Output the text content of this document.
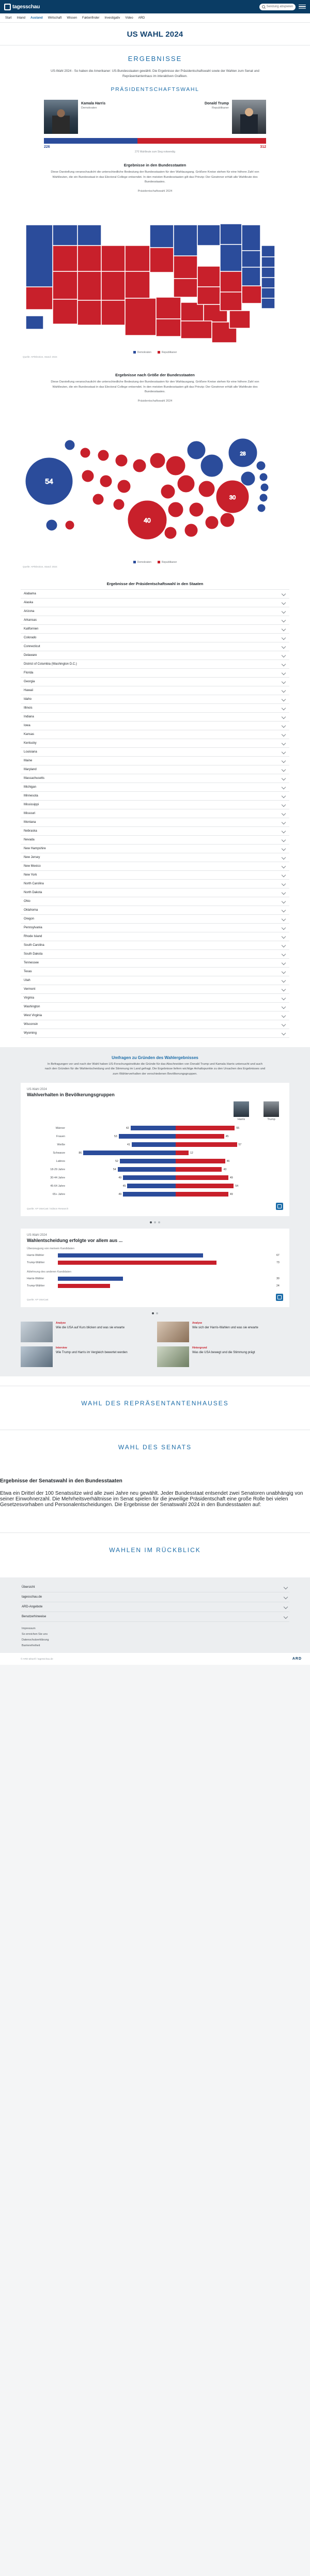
tagesschau	Sendung abspielen
Start Inland Ausland Wirtschaft Wissen Faktenfinder Investigativ Video ARD
US WAHL 2024
ERGEBNISSE

US-Wahl 2024 - So haben die Amerikaner: US-Bundesstaaten gewählt. Die Ergebnisse der Präsidentschaftswahl sowie der Wahlen zum Senat und Repräsentantenhaus im interaktiven Grafiken.

PRÄSIDENTSCHAFTSWAHL
Kamala Harris
Demokraten
Donald Trump
Republikaner
226	312
270 Wahlleute zum Sieg notwendig
Ergebnisse in den Bundesstaaten

Diese Darstellung veranschaulicht die unterschiedliche Bedeutung der Bundesstaaten für den Wahlausgang. Größere Kreise stehen für eine höhere Zahl von Wahlleuten, die ein Bundesstaat in das Electoral College entsendet. In den meisten Bundesstaaten gilt das Prinzip: Der Gewinner erhält alle Wahlleute des Bundesstaates.

Präsidentschaftswahl 2024
Demokraten	Republikaner
Quelle: AP/Election, Stand: 2024
Ergebnisse nach Größe der Bundesstaaten

Diese Darstellung veranschaulicht die unterschiedliche Bedeutung der Bundesstaaten für den Wahlausgang. Größere Kreise stehen für eine höhere Zahl von Wahlleuten, die ein Bundesstaat in das Electoral College entsendet. In den meisten Bundesstaaten gilt das Prinzip: Der Gewinner erhält alle Wahlleute des Bundesstaates.

Präsidentschaftswahl 2024
54
40
30
28
Demokraten	Republikaner
Quelle: AP/Election, Stand: 2024
Ergebnisse der Präsidentschaftswahl in den Staaten
Alabama
Alaska
Arizona
Arkansas
Kalifornien
Colorado
Connecticut
Delaware
District of Columbia (Washington D.C.)
Florida
Georgia
Hawaii
Idaho
Illinois
Indiana
Iowa
Kansas
Kentucky
Louisiana
Maine
Maryland
Massachusetts
Michigan
Minnesota
Mississippi
Missouri
Montana
Nebraska
Nevada
New Hampshire
New Jersey
New Mexico
New York
North Carolina
North Dakota
Ohio
Oklahoma
Oregon
Pennsylvania
Rhode Island
South Carolina
South Dakota
Tennessee
Texas
Utah
Vermont
Virginia
Washington
West Virginia
Wisconsin
Wyoming
Umfragen zu Gründen des Wahlergebnisses

In Befragungen vor und nach der Wahl haben US-Forschungsinstitute die Gründe für das Abschneiden von Donald Trump und Kamala Harris untersucht und auch nach den Gründen für die Wahlentscheidung und die Stimmung im Land gefragt. Die Ergebnisse liefern wichtige Anhaltspunkte zu den Ursachen des Ergebnisses und zum Wählerverhalten der verschiedenen Bevölkerungsgruppen.

US-Wahl 2024
Wahlverhalten in Bevölkerungsgruppen
Harris	Trump
Männer	42	55
Frauen	53	45
Weiße	41	57
Schwarze	86	12
Latinos	52	46
18-29 Jahre	54	43
30-44 Jahre	49	49
45-64 Jahre	45	54
65+ Jahre	49	49
Quelle: AP VoteCast / Edison Research
US-Wahl 2024
Wahlentscheidung erfolgte vor allem aus ...
Überzeugung von meinem Kandidaten
Harris-Wähler	67
Trump-Wähler	73
Ablehnung des anderen Kandidaten
Harris-Wähler	30
Trump-Wähler	24
Quelle: AP VoteCast
Analyse
Wie die USA auf Kurs blicken und was sie erwarte
Analyse
Wie sich der Harris-Wahlen und was sie erwarte
Interview
Wie Trump und Harris im Vergleich bewertet werden
Hintergrund
Was die USA bewegt und die Stimmung prägt
WAHL DES REPRÄSENTANTENHAUSES
WAHL DES SENATS
Ergebnisse der Senatswahl in den Bundesstaaten

Etwa ein Drittel der 100 Senatssitze wird alle zwei Jahre neu gewählt. Jeder Bundesstaat entsendet zwei Senatoren unabhängig von seiner Einwohnerzahl. Die Mehrheitsverhältnisse im Senat spielen für die jeweilige Präsidentschaft eine große Rolle bei vielen Gesetzesvorhaben und Personalentscheidungen. Die Ergebnisse der Senatswahl 2024 in den Bundesstaaten auf:

WAHLEN IM RÜCKBLICK
Übersicht
tagesschau.de
ARD-Angebote
Benutzerhinweise
Impressum
So erreichen Sie uns
Datenschutzerklärung
Barrierefreiheit
© ARD-aktuell / tagesschau.de	ARD
